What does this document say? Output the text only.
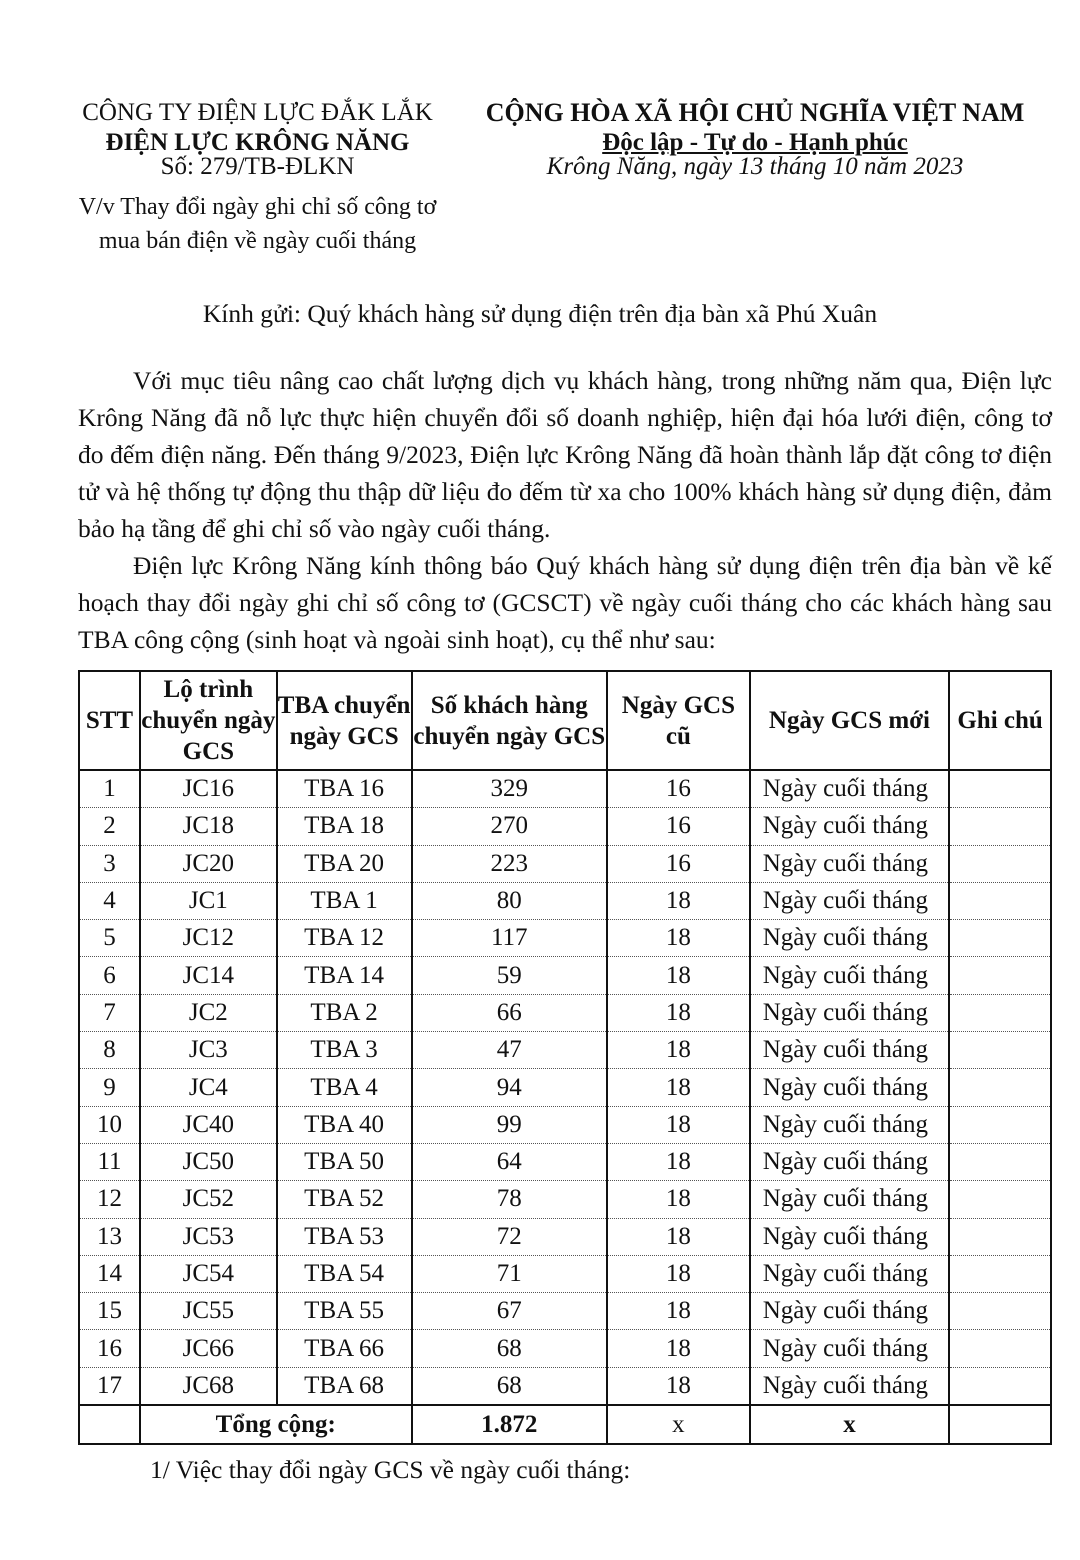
CÔNG TY ĐIỆN LỰC ĐẮK LẮK
ĐIỆN LỰC KRÔNG NĂNG
Số: 279/TB-ĐLKN
V/v Thay đổi ngày ghi chỉ số công tơ
mua bán điện về ngày cuối tháng
CỘNG HÒA XÃ HỘI CHỦ NGHĨA VIỆT NAM
Độc lập - Tự do - Hạnh phúc
Krông Năng, ngày 13 tháng 10 năm 2023
Kính gửi: Quý khách hàng sử dụng điện trên địa bàn xã Phú Xuân
Với mục tiêu nâng cao chất lượng dịch vụ khách hàng, trong những năm qua, Điện lực Krông Năng đã nỗ lực thực hiện chuyển đổi số doanh nghiệp, hiện đại hóa lưới điện, công tơ đo đếm điện năng. Đến tháng 9/2023, Điện lực Krông Năng đã hoàn thành lắp đặt công tơ điện tử và hệ thống tự động thu thập dữ liệu đo đếm từ xa cho 100% khách hàng sử dụng điện, đảm bảo hạ tầng để ghi chỉ số vào ngày cuối tháng.
Điện lực Krông Năng kính thông báo Quý khách hàng sử dụng điện trên địa bàn về kế hoạch thay đổi ngày ghi chỉ số công tơ (GCSCT) về ngày cuối tháng cho các khách hàng sau TBA công cộng (sinh hoạt và ngoài sinh hoạt), cụ thể như sau:
STT	Lộ trình chuyển ngày GCS	TBA chuyển ngày GCS	Số khách hàng chuyển ngày GCS	Ngày GCS cũ	Ngày GCS mới	Ghi chú
1	JC16	TBA 16	329	16	Ngày cuối tháng	
2	JC18	TBA 18	270	16	Ngày cuối tháng	
3	JC20	TBA 20	223	16	Ngày cuối tháng	
4	JC1	TBA 1	80	18	Ngày cuối tháng	
5	JC12	TBA 12	117	18	Ngày cuối tháng	
6	JC14	TBA 14	59	18	Ngày cuối tháng	
7	JC2	TBA 2	66	18	Ngày cuối tháng	
8	JC3	TBA 3	47	18	Ngày cuối tháng	
9	JC4	TBA 4	94	18	Ngày cuối tháng	
10	JC40	TBA 40	99	18	Ngày cuối tháng	
11	JC50	TBA 50	64	18	Ngày cuối tháng	
12	JC52	TBA 52	78	18	Ngày cuối tháng	
13	JC53	TBA 53	72	18	Ngày cuối tháng	
14	JC54	TBA 54	71	18	Ngày cuối tháng	
15	JC55	TBA 55	67	18	Ngày cuối tháng	
16	JC66	TBA 66	68	18	Ngày cuối tháng	
17	JC68	TBA 68	68	18	Ngày cuối tháng	
	Tổng cộng:		1.872	x	x	
1/ Việc thay đổi ngày GCS về ngày cuối tháng:
